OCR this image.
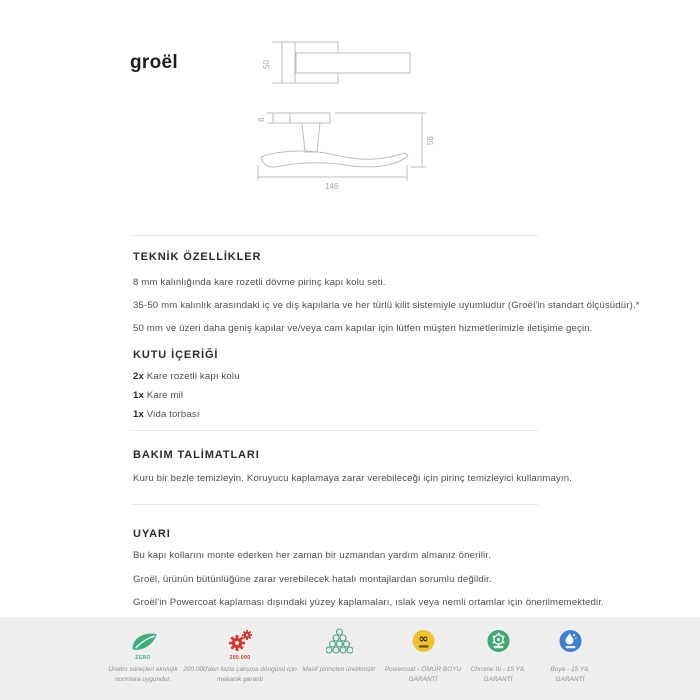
groël	50
8
58
146
TEKNİK ÖZELLİKLER
8 mm kalınlığında kare rozetli dövme pirinç kapı kolu seti.
35-50 mm kalınlık arasındaki iç ve dış kapılarla ve her türlü kilit sistemiyle uyumludur (Groël'in standart ölçüsüdür).*
50 mm ve üzeri daha geniş kapılar ve/veya cam kapılar için lütfen müşteri hizmetlerimizle iletişime geçin.
KUTU İÇERİĞİ
2x Kare rozetli kapı kolu
1x Kare mil
1x Vida torbası
BAKIM TALİMATLARI
Kuru bir bezle temizleyin. Koruyucu kaplamaya zarar verebileceği için pirinç temizleyici kullanmayın.
UYARI
Bu kapı kollarını monte ederken her zaman bir uzmandan yardım almanız önerilir.
Groël, ürünün bütünlüğüne zarar verebilecek hatalı montajlardan sorumlu değildir.
Groël'in Powercoat kaplaması dışındaki yüzey kaplamaları, ıslak veya nemli ortamlar için önerilmemektedir.
ZERO
Üretim süreçleri ekolojik normlara uygundur.
200.000
200.000'den fazla çalışma döngüsü için mekanik garanti
Masif pirinçten üretilmiştir
∞
Powercoat - ÖMÜR BOYU GARANTİ
Chrome III - 15 YIL GARANTİ
Boya - 15 YIL GARANTİ
